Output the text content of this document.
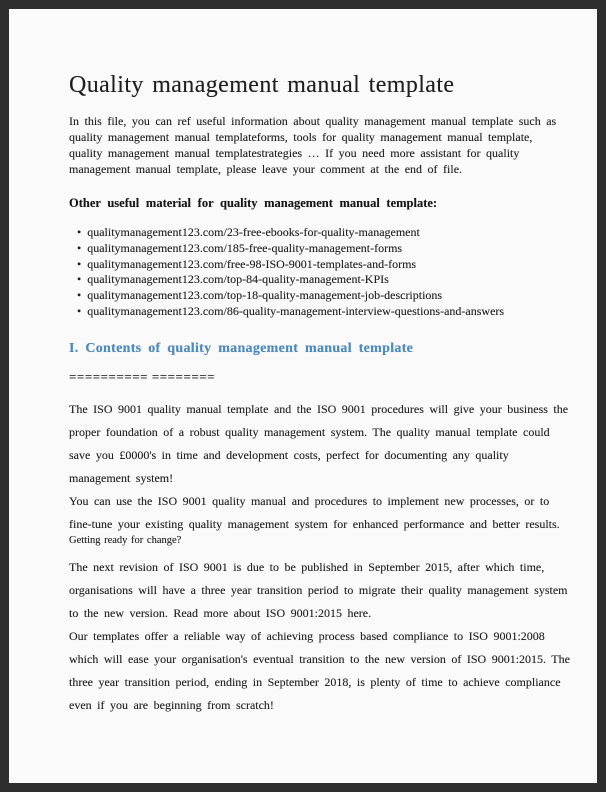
Quality management manual template
In this file, you can ref useful information about quality management manual template such as
quality management manual templateforms, tools for quality management manual template,
quality management manual templatestrategies … If you need more assistant for quality
management manual template, please leave your comment at the end of file.
Other useful material for quality management manual template:
• qualitymanagement123.com/23-free-ebooks-for-quality-management
• qualitymanagement123.com/185-free-quality-management-forms
• qualitymanagement123.com/free-98-ISO-9001-templates-and-forms
• qualitymanagement123.com/top-84-quality-management-KPIs
• qualitymanagement123.com/top-18-quality-management-job-descriptions
• qualitymanagement123.com/86-quality-management-interview-questions-and-answers
I. Contents of quality management manual template
========== ========
The ISO 9001 quality manual template and the ISO 9001 procedures will give your business the
proper foundation of a robust quality management system. The quality manual template could
save you £0000's in time and development costs, perfect for documenting any quality
management system!
You can use the ISO 9001 quality manual and procedures to implement new processes, or to
fine-tune your existing quality management system for enhanced performance and better results.
Getting ready for change?
The next revision of ISO 9001 is due to be published in September 2015, after which time,
organisations will have a three year transition period to migrate their quality management system
to the new version. Read more about ISO 9001:2015 here.
Our templates offer a reliable way of achieving process based compliance to ISO 9001:2008
which will ease your organisation's eventual transition to the new version of ISO 9001:2015. The
three year transition period, ending in September 2018, is plenty of time to achieve compliance
even if you are beginning from scratch!
